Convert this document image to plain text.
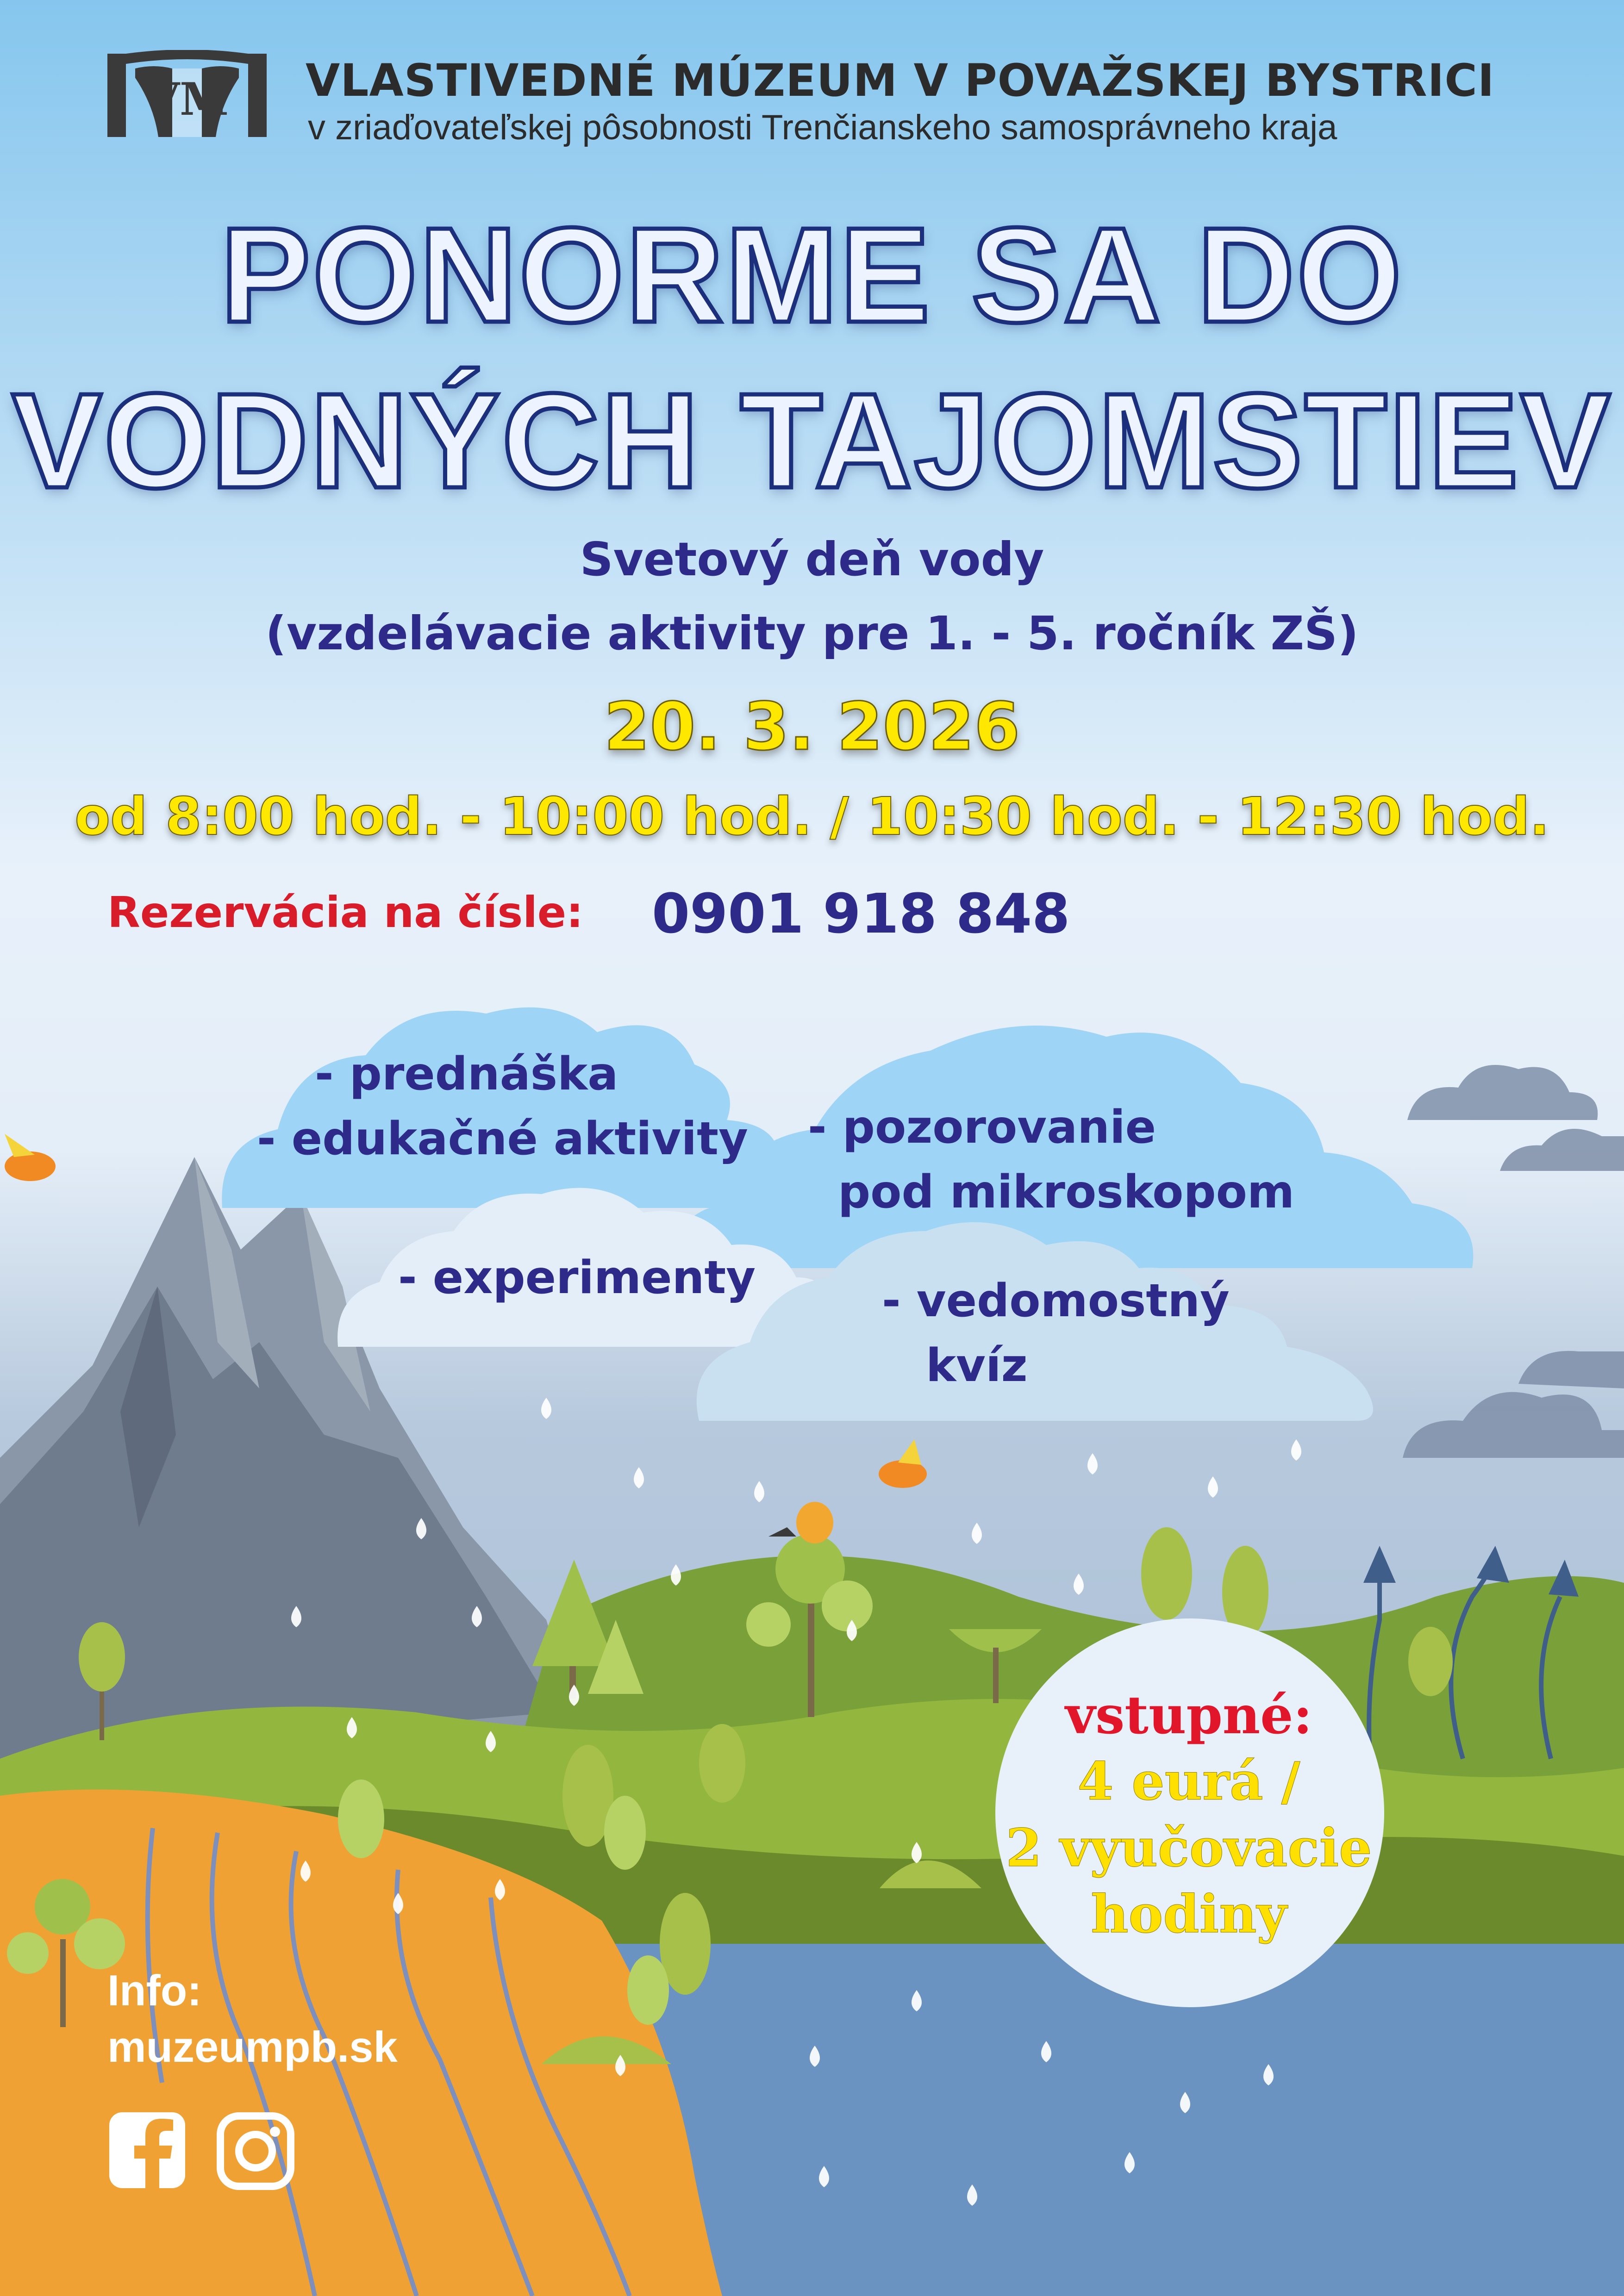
VM VLASTIVEDNÉ MÚZEUM V POVAŽSKEJ BYSTRICI
v zriaďovateľskej pôsobnosti Trenčianskeho samosprávneho kraja
PONORME SA DO
VODNÝCH TAJOMSTIEV
Svetový deň vody
(vzdelávacie aktivity pre 1. - 5. ročník ZŠ)
20. 3. 2026
od 8:00 hod. - 10:00 hod. / 10:30 hod. - 12:30 hod.
Rezervácia na čísle: 0901 918 848
- prednáška
- edukačné aktivity - pozorovanie
pod mikroskopom
- experimenty	- vedomostný
kvíz
vstupné:
4 eurá /
2 vyučovacie
hodiny
Info:
muzeumpb.sk
